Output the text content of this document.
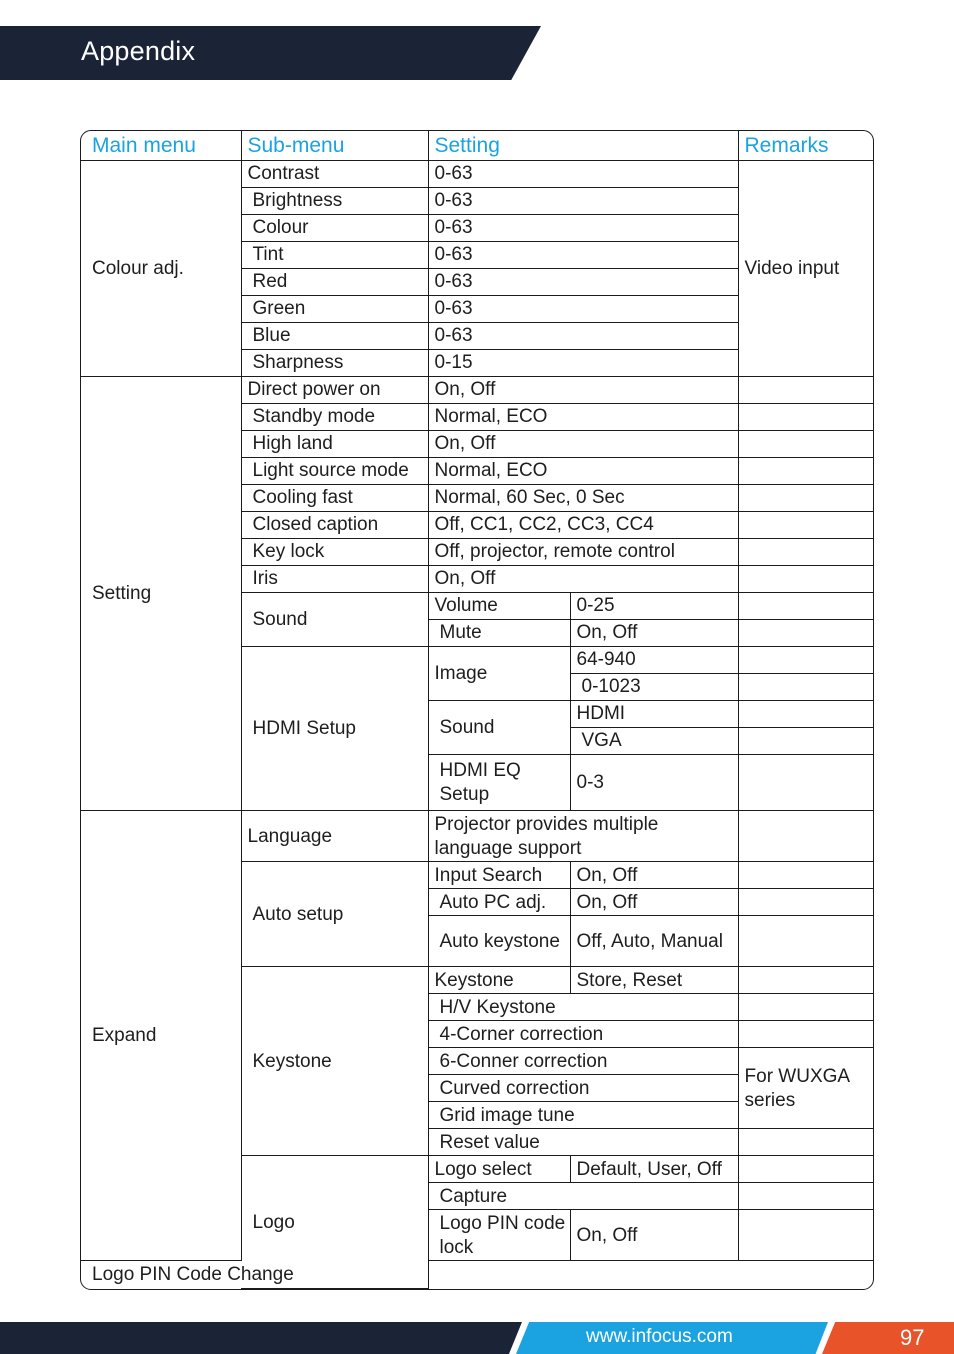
Appendix
Main menu	Sub-menu	Setting		Remarks
Colour adj.	Contrast	0-63		Video input
	Brightness	0-63		
	Colour	0-63		
	Tint	0-63		
	Red	0-63		
	Green	0-63		
	Blue	0-63		
	Sharpness	0-15		
Setting	Direct power on	On, Off		
	Standby mode	Normal, ECO		
	High land	On, Off		
	Light source mode	Normal, ECO		
	Cooling fast	Normal, 60 Sec, 0 Sec		
	Closed caption	Off, CC1, CC2, CC3, CC4		
	Key lock	Off, projector, remote control		
	Iris	On, Off		
	Sound	Volume	0-25	
		Mute	On, Off	
	HDMI Setup	Image	64-940	
			0-1023	
		Sound	HDMI	
			VGA	
		HDMI EQ Setup	0-3	

Expand	Language	Projector provides multiple language support		
	Auto setup	Input Search	On, Off	
		Auto PC adj.	On, Off	
		Auto keystone	Off, Auto, Manual	
	Keystone	Keystone	Store, Reset	
		H/V Keystone		
		4-Corner correction		
		6-Conner correction		For WUXGA series
		Curved correction		
		Grid image tune		
		Reset value		
	Logo	Logo select	Default, User, Off	
		Capture		
		Logo PIN code lock	On, Off	
Logo PIN Code Change				
www.infocus.com	97
